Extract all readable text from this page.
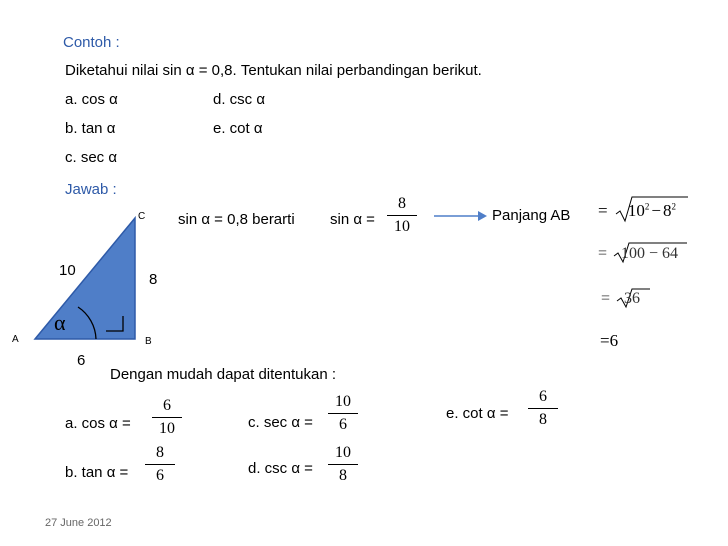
Contoh :
Diketahui nilai sin α = 0,8. Tentukan nilai perbandingan berikut.
a. cos α
b. tan α
c. sec α
d. csc α
e. cot α
Jawab :
A	B
C
10
8
6
α
sin α = 0,8 berarti sin α =
8
10
Panjang AB = $10^2 - 8^2$
= 100 − 64
= 36
=6
Dengan mudah dapat ditentukan :
a. cos α =
6
10
b. tan α =
8
6
c. sec α =
10
6
d. csc α =
10
8
e. cot α =
6
8
27 June 2012
